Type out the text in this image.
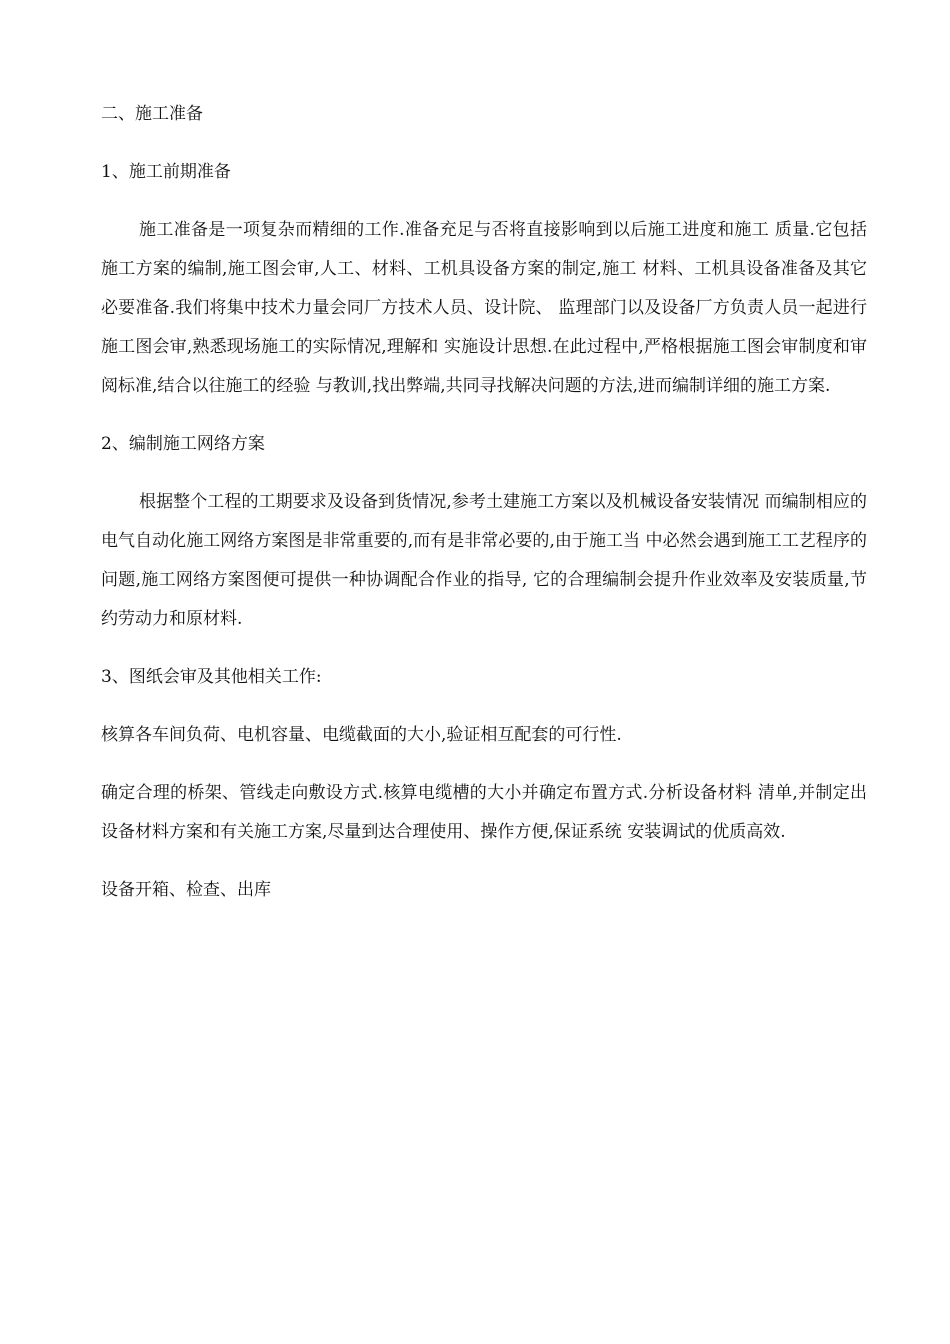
二、施工准备

1、施工前期准备

施工准备是一项复杂而精细的工作.准备充足与否将直接影响到以后施工进度和施工 质量.它包括施工方案的编制,施工图会审,人工、材料、工机具设备方案的制定,施工 材料、工机具设备准备及其它必要准备.我们将集中技术力量会同厂方技术人员、设计院、 监理部门以及设备厂方负责人员一起进行施工图会审,熟悉现场施工的实际情况,理解和 实施设计思想.在此过程中,严格根据施工图会审制度和审阅标准,结合以往施工的经验 与教训,找出弊端,共同寻找解决问题的方法,进而编制详细的施工方案.

2、编制施工网络方案

根据整个工程的工期要求及设备到货情况,参考土建施工方案以及机械设备安装情况 而编制相应的电气自动化施工网络方案图是非常重要的,而有是非常必要的,由于施工当 中必然会遇到施工工艺程序的问题,施工网络方案图便可提供一种协调配合作业的指导, 它的合理编制会提升作业效率及安装质量,节约劳动力和原材料.

3、图纸会审及其他相关工作:

核算各车间负荷、电机容量、电缆截面的大小,验证相互配套的可行性.

确定合理的桥架、管线走向敷设方式.核算电缆槽的大小并确定布置方式.分析设备材料 清单,并制定出设备材料方案和有关施工方案,尽量到达合理使用、操作方便,保证系统 安装调试的优质高效.

设备开箱、检查、出库
